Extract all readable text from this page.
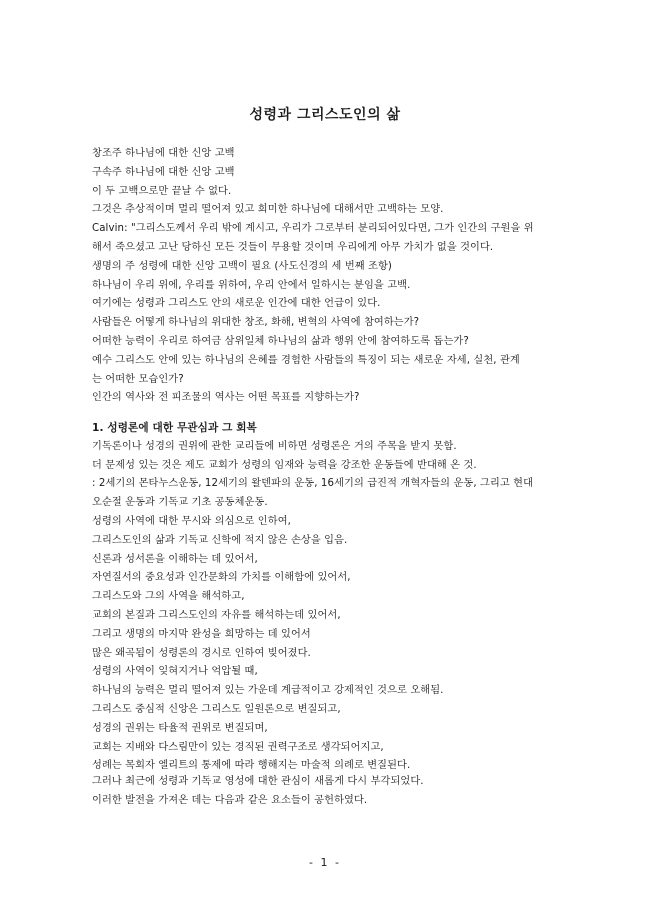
성령과 그리스도인의 삶
창조주 하나님에 대한 신앙 고백
구속주 하나님에 대한 신앙 고백
이 두 고백으로만 끝날 수 없다.
그것은 추상적이며 멀리 떨어져 있고 희미한 하나님에 대해서만 고백하는 모양.
Calvin: "그리스도께서 우리 밖에 계시고, 우리가 그로부터 분리되어있다면, 그가 인간의 구원을 위
해서 죽으셨고 고난 당하신 모든 것들이 무용할 것이며 우리에게 아무 가치가 없을 것이다.
생명의 주 성령에 대한 신앙 고백이 필요 (사도신경의 세 번째 조항)
하나님이 우리 위에, 우리를 위하여, 우리 안에서 일하시는 분임을 고백.
여기에는 성령과 그리스도 안의 새로운 인간에 대한 언급이 있다.
사람들은 어떻게 하나님의 위대한 창조, 화해, 변혁의 사역에 참여하는가?
어떠한 능력이 우리로 하여금 삼위일체 하나님의 삶과 행위 안에 참여하도록 돕는가?
예수 그리스도 안에 있는 하나님의 은혜를 경험한 사람들의 특징이 되는 새로운 자세, 실천, 관계
는 어떠한 모습인가?
인간의 역사와 전 피조물의 역사는 어떤 목표를 지향하는가?
1. 성령론에 대한 무관심과 그 회복
기독론이나 성경의 권위에 관한 교리들에 비하면 성령론은 거의 주목을 받지 못함.
더 문제성 있는 것은 제도 교회가 성령의 임재와 능력을 강조한 운동들에 반대해 온 것.
: 2세기의 몬타누스운동, 12세기의 왈덴파의 운동, 16세기의 급진적 개혁자들의 운동, 그리고 현대
오순절 운동과 기독교 기초 공동체운동.
성령의 사역에 대한 무시와 의심으로 인하여,
그리스도인의 삶과 기독교 신학에 적지 않은 손상을 입음.
신론과 성서론을 이해하는 데 있어서,
자연질서의 중요성과 인간문화의 가치를 이해함에 있어서,
그리스도와 그의 사역을 해석하고,
교회의 본질과 그리스도인의 자유를 해석하는데 있어서,
그리고 생명의 마지막 완성을 희망하는 데 있어서
많은 왜곡됨이 성령론의 경시로 인하여 빚어졌다.
성령의 사역이 잊혀지거나 억압될 때,
하나님의 능력은 멀리 떨어져 있는 가운데 계급적이고 강제적인 것으로 오해됨.
그리스도 중심적 신앙은 그리스도 일원론으로 변질되고,
성경의 권위는 타율적 권위로 변질되며,
교회는 지배와 다스림만이 있는 경직된 권력구조로 생각되어지고,
성례는 목회자 엘리트의 통제에 따라 행해지는 마술적 의례로 변질된다.
그러나 최근에 성령과 기독교 영성에 대한 관심이 새롭게 다시 부각되었다.
이러한 발전을 가져온 데는 다음과 같은 요소들이 공헌하였다.
- 1 -
